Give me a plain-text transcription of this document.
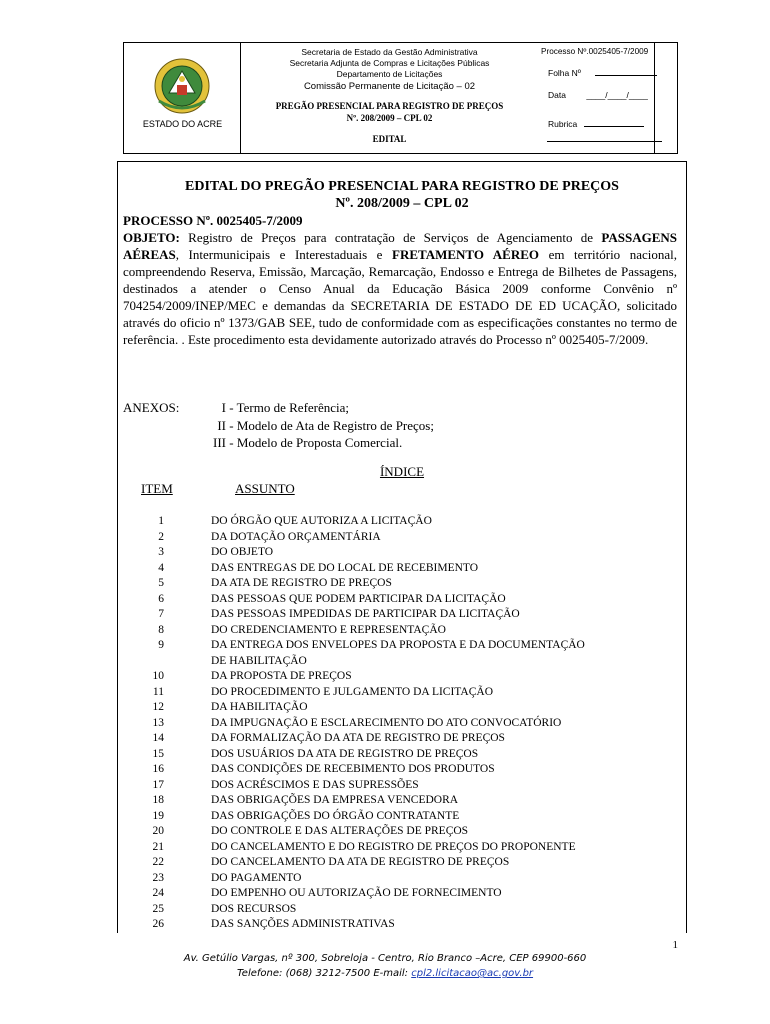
ESTADO DO ACRE
Secretaria de Estado da Gestão Administrativa
Secretaria Adjunta de Compras e Licitações Públicas
Departamento de Licitações
Comissão Permanente de Licitação – 02
PREGÃO PRESENCIAL PARA REGISTRO DE PREÇOS
Nº. 208/2009 – CPL 02
EDITAL
Processo Nº.0025405-7/2009
Folha Nº
Data ____/____/____
Rubrica
EDITAL DO PREGÃO PRESENCIAL PARA REGISTRO DE PREÇOS
Nº. 208/2009 – CPL 02
PROCESSO Nº. 0025405-7/2009

OBJETO: Registro de Preços para contratação de Serviços de Agenciamento de PASSAGENS AÉREAS, Intermunicipais e Interestaduais e FRETAMENTO AÉREO em território nacional, compreendendo Reserva, Emissão, Marcação, Remarcação, Endosso e Entrega de Bilhetes de Passagens, destinados a atender o Censo Anual da Educação Básica 2009 conforme Convênio nº 704254/2009/INEP/MEC e demandas da SECRETARIA DE ESTADO DE ED UCAÇÃO, solicitado através do oficio nº 1373/GAB SEE, tudo de conformidade com as especificações constantes no termo de referência. . Este procedimento esta devidamente autorizado através do Processo nº 0025405-7/2009.

ANEXOS:	I - Termo de Referência;
II - Modelo de Ata de Registro de Preços;
III - Modelo de Proposta Comercial.
ÍNDICE
ITEM	ASSUNTO
1	DO ÓRGÃO QUE AUTORIZA A LICITAÇÃO
2	DA DOTAÇÃO ORÇAMENTÁRIA
3	DO OBJETO
4	DAS ENTREGAS DE DO LOCAL DE RECEBIMENTO
5	DA ATA DE REGISTRO DE PREÇOS
6	DAS PESSOAS QUE PODEM PARTICIPAR DA LICITAÇÃO
7	DAS PESSOAS IMPEDIDAS DE PARTICIPAR DA LICITAÇÃO
8	DO CREDENCIAMENTO E REPRESENTAÇÃO
9	DA ENTREGA DOS ENVELOPES DA PROPOSTA E DA DOCUMENTAÇÃO
DE HABILITAÇÃO
10	DA PROPOSTA DE PREÇOS
11	DO PROCEDIMENTO E JULGAMENTO DA LICITAÇÃO
12	DA HABILITAÇÃO
13	DA IMPUGNAÇÃO E ESCLARECIMENTO DO ATO CONVOCATÓRIO
14	DA FORMALIZAÇÃO DA ATA DE REGISTRO DE PREÇOS
15	DOS USUÁRIOS DA ATA DE REGISTRO DE PREÇOS
16	DAS CONDIÇÕES DE RECEBIMENTO DOS PRODUTOS
17	DOS ACRÉSCIMOS E DAS SUPRESSÕES
18	DAS OBRIGAÇÕES DA EMPRESA VENCEDORA
19	DAS OBRIGAÇÕES DO ÓRGÃO CONTRATANTE
20	DO CONTROLE E DAS ALTERAÇÕES DE PREÇOS
21	DO CANCELAMENTO E DO REGISTRO DE PREÇOS DO PROPONENTE
22	DO CANCELAMENTO DA ATA DE REGISTRO DE PREÇOS
23	DO PAGAMENTO
24	DO EMPENHO OU AUTORIZAÇÃO DE FORNECIMENTO
25	DOS RECURSOS
26	DAS SANÇÕES ADMINISTRATIVAS
1
Av. Getúlio Vargas, nº 300, Sobreloja - Centro, Rio Branco –Acre, CEP 69900-660
Telefone: (068) 3212-7500 E-mail: cpl2.licitacao@ac.gov.br
